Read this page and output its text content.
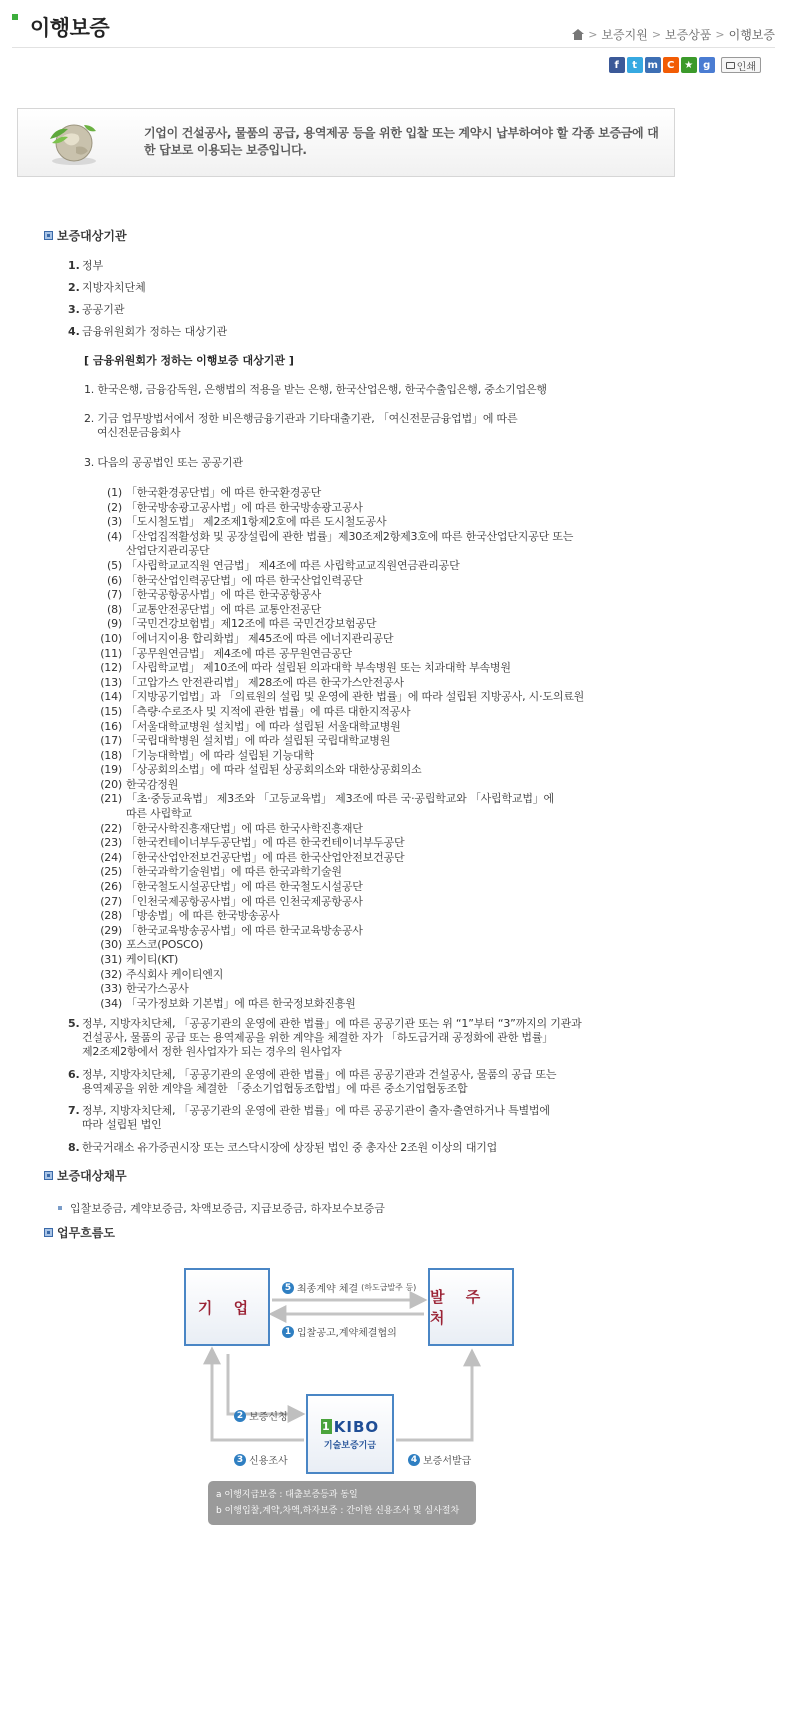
이행보증	> 보증지원 > 보증상품 > 이행보증
f	t	m C ★ g	인쇄

기업이 건설공사, 물품의 공급, 용역제공 등을 위한 입찰 또는 계약시 납부하여야 할 각종 보증금에 대한 답보로 이용되는 보증입니다.

보증대상기관
1. 정부
2. 지방자치단체
3. 공공기관
4. 금융위원회가 정하는 대상기관
[ 금융위원회가 정하는 이행보증 대상기관 ]
1. 한국은행, 금융감독원, 은행법의 적용을 받는 은행, 한국산업은행, 한국수출입은행, 중소기업은행
2. 기금 업무방법서에서 정한 비은행금융기관과 기타대출기관, 「여신전문금융업법」에 따른
여신전문금융회사
3. 다음의 공공법인 또는 공공기관
(1) 「한국환경공단법」에 따른 한국환경공단
(2) 「한국방송광고공사법」에 따른 한국방송광고공사
(3) 「도시철도법」 제2조제1항제2호에 따른 도시철도공사
(4) 「산업집적활성화 및 공장설립에 관한 법률」제30조제2항제3호에 따른 한국산업단지공단 또는
산업단지관리공단
(5) 「사립학교교직원 연금법」 제4조에 따른 사립학교교직원연금관리공단
(6) 「한국산업인력공단법」에 따른 한국산업인력공단
(7) 「한국공항공사법」에 따른 한국공항공사
(8) 「교통안전공단법」에 따른 교통안전공단
(9) 「국민건강보험법」제12조에 따른 국민건강보험공단
(10) 「에너지이용 합리화법」 제45조에 따른 에너지관리공단
(11) 「공무원연금법」 제4조에 따른 공무원연금공단
(12) 「사립학교법」 제10조에 따라 설립된 의과대학 부속병원 또는 치과대학 부속병원
(13) 「고압가스 안전관리법」 제28조에 따른 한국가스안전공사
(14) 「지방공기업법」과 「의료원의 설립 및 운영에 관한 법률」에 따라 설립된 지방공사, 시·도의료원
(15) 「측량·수로조사 및 지적에 관한 법률」에 따른 대한지적공사
(16) 「서울대학교병원 설치법」에 따라 설립된 서울대학교병원
(17) 「국립대학병원 설치법」에 따라 설립된 국립대학교병원
(18) 「기능대학법」에 따라 설립된 기능대학
(19) 「상공회의소법」에 따라 설립된 상공회의소와 대한상공회의소
(20) 한국감정원
(21) 「초·중등교육법」 제3조와 「고등교육법」 제3조에 따른 국·공립학교와 「사립학교법」에
따른 사립학교
(22) 「한국사학진흥재단법」에 따른 한국사학진흥재단
(23) 「한국컨테이너부두공단법」에 따른 한국컨테이너부두공단
(24) 「한국산업안전보건공단법」에 따른 한국산업안전보건공단
(25) 「한국과학기술원법」에 따른 한국과학기술원
(26) 「한국철도시설공단법」에 따른 한국철도시설공단
(27) 「인천국제공항공사법」에 따른 인천국제공항공사
(28) 「방송법」에 따른 한국방송공사
(29) 「한국교육방송공사법」에 따른 한국교육방송공사
(30) 포스코(POSCO)
(31) 케이티(KT)
(32) 주식회사 케이티엔지
(33) 한국가스공사
(34) 「국가정보화 기본법」에 따른 한국정보화진흥원
5. 정부, 지방자치단체, 「공공기관의 운영에 관한 법률」에 따른 공공기관 또는 위 “1”부터 “3”까지의 기관과
건설공사, 물품의 공급 또는 용역제공을 위한 계약을 체결한 자가 「하도급거래 공정화에 관한 법률」
제2조제2항에서 정한 원사업자가 되는 경우의 원사업자
6. 정부, 지방자치단체, 「공공기관의 운영에 관한 법률」에 따른 공공기관과 건설공사, 물품의 공급 또는
용역제공을 위한 계약을 체결한 「중소기업협동조합법」에 따른 중소기업협동조합
7. 정부, 지방자치단체, 「공공기관의 운영에 관한 법률」에 따른 공공기관이 출자·출연하거나 특별법에
따라 설립된 법인
8. 한국거래소 유가증권시장 또는 코스닥시장에 상장된 법인 중 총자산 2조원 이상의 대기업
보증대상채무
입찰보증금, 계약보증금, 차액보증금, 지급보증금, 하자보수보증금
업무흐름도
기 업
발 주 처
1 KIBO
기술보증기금
5 최종계약 체결 (하도급발주 등)
1 입찰공고,계약체결협의
2 보증신청
3 신용조사	4 보증서발급
a 이행지급보증 : 대출보증등과 동일
b 이행입찰,계약,차액,하자보증 : 간이한 신용조사 및 심사절차
